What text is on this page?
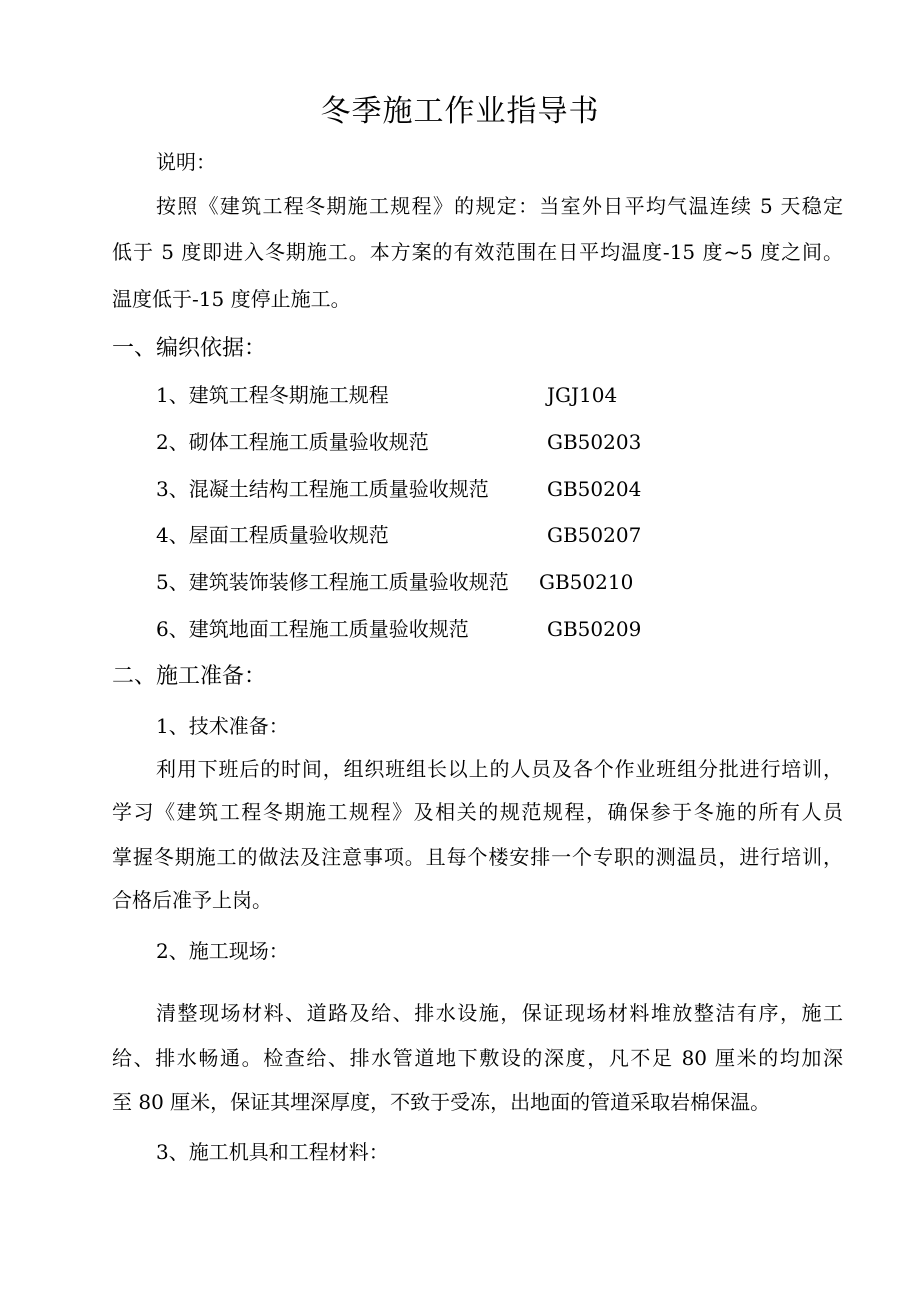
冬季施工作业指导书
说明：
按照《建筑工程冬期施工规程》的规定：当室外日平均气温连续 5 天稳定
低于 5 度即进入冬期施工。本方案的有效范围在日平均温度-15 度~5 度之间。
温度低于-15 度停止施工。
一、编织依据：
1、建筑工程冬期施工规程	JGJ104
2、砌体工程施工质量验收规范	GB50203
3、混凝土结构工程施工质量验收规范	GB50204
4、屋面工程质量验收规范	GB50207
5、建筑装饰装修工程施工质量验收规范 GB50210
6、建筑地面工程施工质量验收规范	GB50209
二、施工准备：
1、技术准备：
利用下班后的时间，组织班组长以上的人员及各个作业班组分批进行培训，
学习《建筑工程冬期施工规程》及相关的规范规程，确保参于冬施的所有人员
掌握冬期施工的做法及注意事项。且每个楼安排一个专职的测温员，进行培训，
合格后准予上岗。
2、施工现场：
清整现场材料、道路及给、排水设施，保证现场材料堆放整洁有序，施工
给、排水畅通。检查给、排水管道地下敷设的深度，凡不足 80 厘米的均加深
至 80 厘米，保证其埋深厚度，不致于受冻，出地面的管道采取岩棉保温。
3、施工机具和工程材料：
